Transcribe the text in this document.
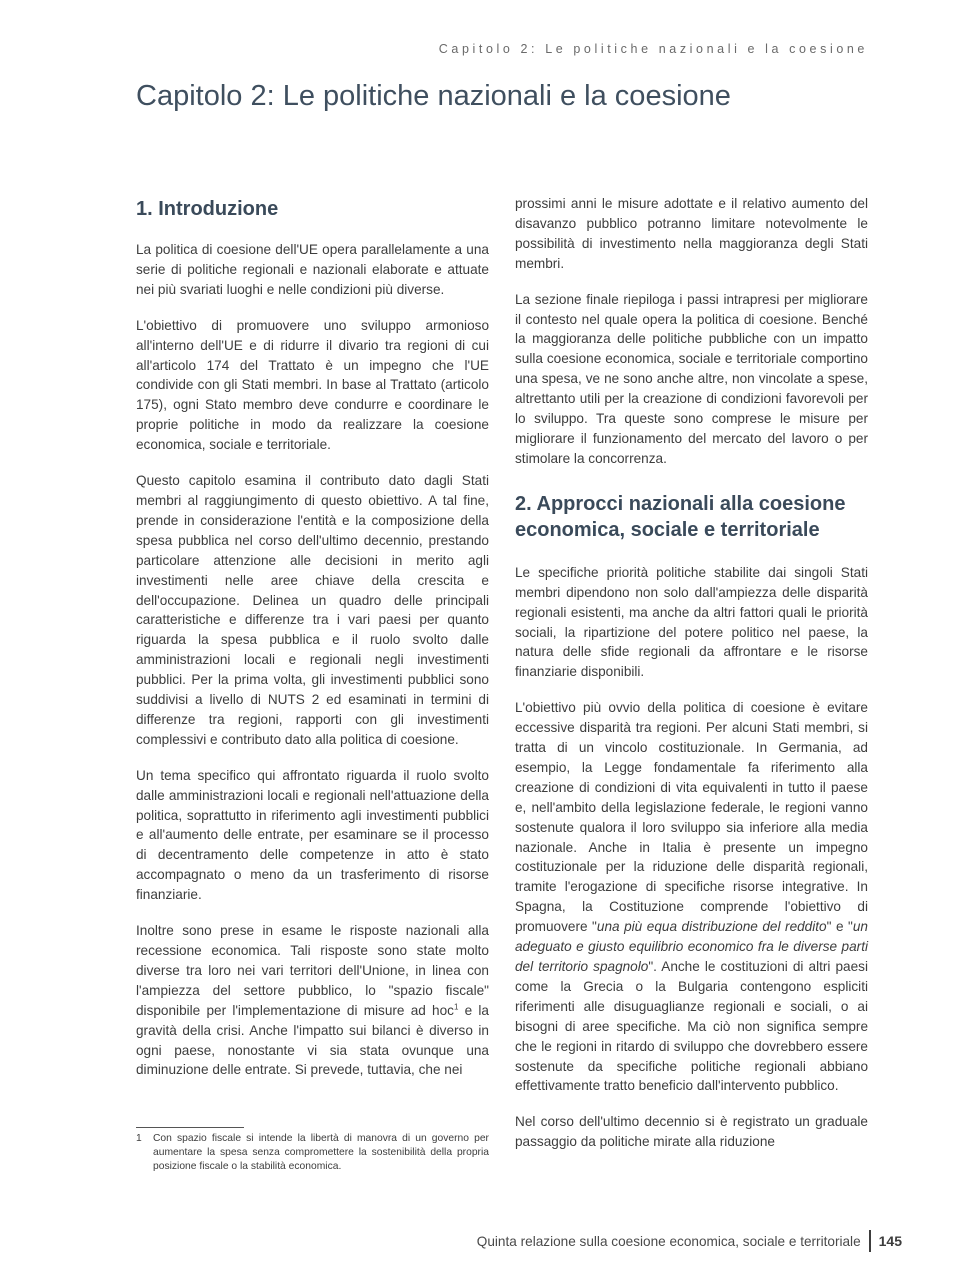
Capitolo 2: Le politiche nazionali e la coesione
Capitolo 2: Le politiche nazionali e la coesione
1. Introduzione

La politica di coesione dell'UE opera parallelamente a una serie di politiche regionali e nazionali elaborate e attuate nei più svariati luoghi e nelle condizioni più diverse.

L'obiettivo di promuovere uno sviluppo armonioso all'interno dell'UE e di ridurre il divario tra regioni di cui all'articolo 174 del Trattato è un impegno che l'UE condivide con gli Stati membri. In base al Trattato (articolo 175), ogni Stato membro deve condurre e coordinare le proprie politiche in modo da realizzare la coesione economica, sociale e territoriale.

Questo capitolo esamina il contributo dato dagli Stati membri al raggiungimento di questo obiettivo. A tal fine, prende in considerazione l'entità e la composizione della spesa pubblica nel corso dell'ultimo decennio, prestando particolare attenzione alle decisioni in merito agli investimenti nelle aree chiave della crescita e dell'occupazione. Delinea un quadro delle principali caratteristiche e differenze tra i vari paesi per quanto riguarda la spesa pubblica e il ruolo svolto dalle amministrazioni locali e regionali negli investimenti pubblici. Per la prima volta, gli investimenti pubblici sono suddivisi a livello di NUTS 2 ed esaminati in termini di differenze tra regioni, rapporti con gli investimenti complessivi e contributo dato alla politica di coesione.

Un tema specifico qui affrontato riguarda il ruolo svolto dalle amministrazioni locali e regionali nell'attuazione della politica, soprattutto in riferimento agli investimenti pubblici e all'aumento delle entrate, per esaminare se il processo di decentramento delle competenze in atto è stato accompagnato o meno da un trasferimento di risorse finanziarie.

Inoltre sono prese in esame le risposte nazionali alla recessione economica. Tali risposte sono state molto diverse tra loro nei vari territori dell'Unione, in linea con l'ampiezza del settore pubblico, lo "spazio fiscale" disponibile per l'implementazione di misure ad hoc$^1$ e la gravità della crisi. Anche l'impatto sui bilanci è diverso in ogni paese, nonostante vi sia stata ovunque una diminuzione delle entrate. Si prevede, tuttavia, che nei

prossimi anni le misure adottate e il relativo aumento del disavanzo pubblico potranno limitare notevolmente le possibilità di investimento nella maggioranza degli Stati membri.

La sezione finale riepiloga i passi intrapresi per migliorare il contesto nel quale opera la politica di coesione. Benché la maggioranza delle politiche pubbliche con un impatto sulla coesione economica, sociale e territoriale comportino una spesa, ve ne sono anche altre, non vincolate a spese, altrettanto utili per la creazione di condizioni favorevoli per lo sviluppo. Tra queste sono comprese le misure per migliorare il funzionamento del mercato del lavoro o per stimolare la concorrenza.

2. Approcci nazionali alla coesione economica, sociale e territoriale

Le specifiche priorità politiche stabilite dai singoli Stati membri dipendono non solo dall'ampiezza delle disparità regionali esistenti, ma anche da altri fattori quali le priorità sociali, la ripartizione del potere politico nel paese, la natura delle sfide regionali da affrontare e le risorse finanziarie disponibili.

L'obiettivo più ovvio della politica di coesione è evitare eccessive disparità tra regioni. Per alcuni Stati membri, si tratta di un vincolo costituzionale. In Germania, ad esempio, la Legge fondamentale fa riferimento alla creazione di condizioni di vita equivalenti in tutto il paese e, nell'ambito della legislazione federale, le regioni vanno sostenute qualora il loro sviluppo sia inferiore alla media nazionale. Anche in Italia è presente un impegno costituzionale per la riduzione delle disparità regionali, tramite l'erogazione di specifiche risorse integrative. In Spagna, la Costituzione comprende l'obiettivo di promuovere "una più equa distribuzione del reddito" e "un adeguato e giusto equilibrio economico fra le diverse parti del territorio spagnolo". Anche le costituzioni di altri paesi come la Grecia o la Bulgaria contengono espliciti riferimenti alle disuguaglianze regionali e sociali, o ai bisogni di aree specifiche. Ma ciò non significa sempre che le regioni in ritardo di sviluppo che dovrebbero essere sostenute da specifiche politiche regionali abbiano effettivamente tratto beneficio dall'intervento pubblico.

Nel corso dell'ultimo decennio si è registrato un graduale passaggio da politiche mirate alla riduzione

1	Con spazio fiscale si intende la libertà di manovra di un governo per aumentare la spesa senza compromettere la sostenibilità della propria posizione fiscale o la stabilità economica.
Quinta relazione sulla coesione economica, sociale e territoriale	145
